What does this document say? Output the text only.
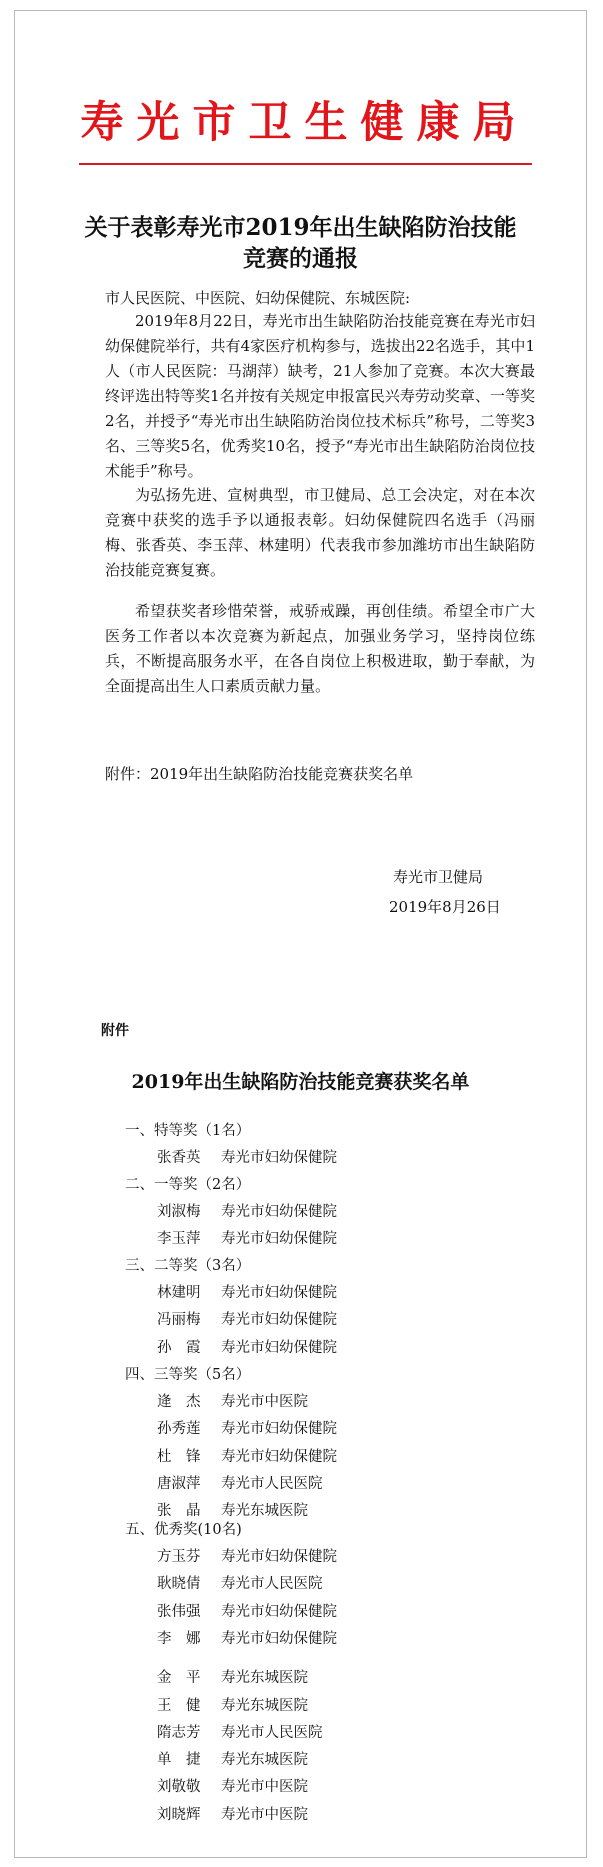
寿光市卫生健康局
关于表彰寿光市2019年出生缺陷防治技能
竞赛的通报
市人民医院、中医院、妇幼保健院、东城医院:

2019年8月22日，寿光市出生缺陷防治技能竞赛在寿光市妇幼保健院举行，共有4家医疗机构参与，选拔出22名选手，其中1人（市人民医院：马湖萍）缺考，21人参加了竞赛。本次大赛最终评选出特等奖1名并按有关规定申报富民兴寿劳动奖章、一等奖2名，并授予“寿光市出生缺陷防治岗位技术标兵”称号，二等奖3名、三等奖5名，优秀奖10名，授予“寿光市出生缺陷防治岗位技术能手”称号。

为弘扬先进、宣树典型，市卫健局、总工会决定，对在本次竞赛中获奖的选手予以通报表彰。妇幼保健院四名选手（冯丽梅、张香英、李玉萍、林建明）代表我市参加潍坊市出生缺陷防治技能竞赛复赛。

希望获奖者珍惜荣誉，戒骄戒躁，再创佳绩。希望全市广大医务工作者以本次竞赛为新起点，加强业务学习，坚持岗位练兵，不断提高服务水平，在各自岗位上积极进取，勤于奉献，为全面提高出生人口素质贡献力量。

附件：2019年出生缺陷防治技能竞赛获奖名单
寿光市卫健局
2019年8月26日
附件
2019年出生缺陷防治技能竞赛获奖名单
一、特等奖（1名）
张香英 寿光市妇幼保健院
二、一等奖（2名）
刘淑梅 寿光市妇幼保健院
李玉萍 寿光市妇幼保健院
三、二等奖（3名）
林建明 寿光市妇幼保健院
冯丽梅 寿光市妇幼保健院
孙　霞 寿光市妇幼保健院
四、三等奖（5名）
逄　杰 寿光市中医院
孙秀莲 寿光市妇幼保健院
杜　锋 寿光市妇幼保健院
唐淑萍 寿光市人民医院
张　晶 寿光东城医院
五、优秀奖(10名)
方玉芬 寿光市妇幼保健院
耿晓倩 寿光市人民医院
张伟强 寿光市妇幼保健院
李　娜 寿光市妇幼保健院
金　平 寿光东城医院
王　健 寿光东城医院
隋志芳 寿光市人民医院
单　捷 寿光东城医院
刘敬敬 寿光市中医院
刘晓辉 寿光市中医院
